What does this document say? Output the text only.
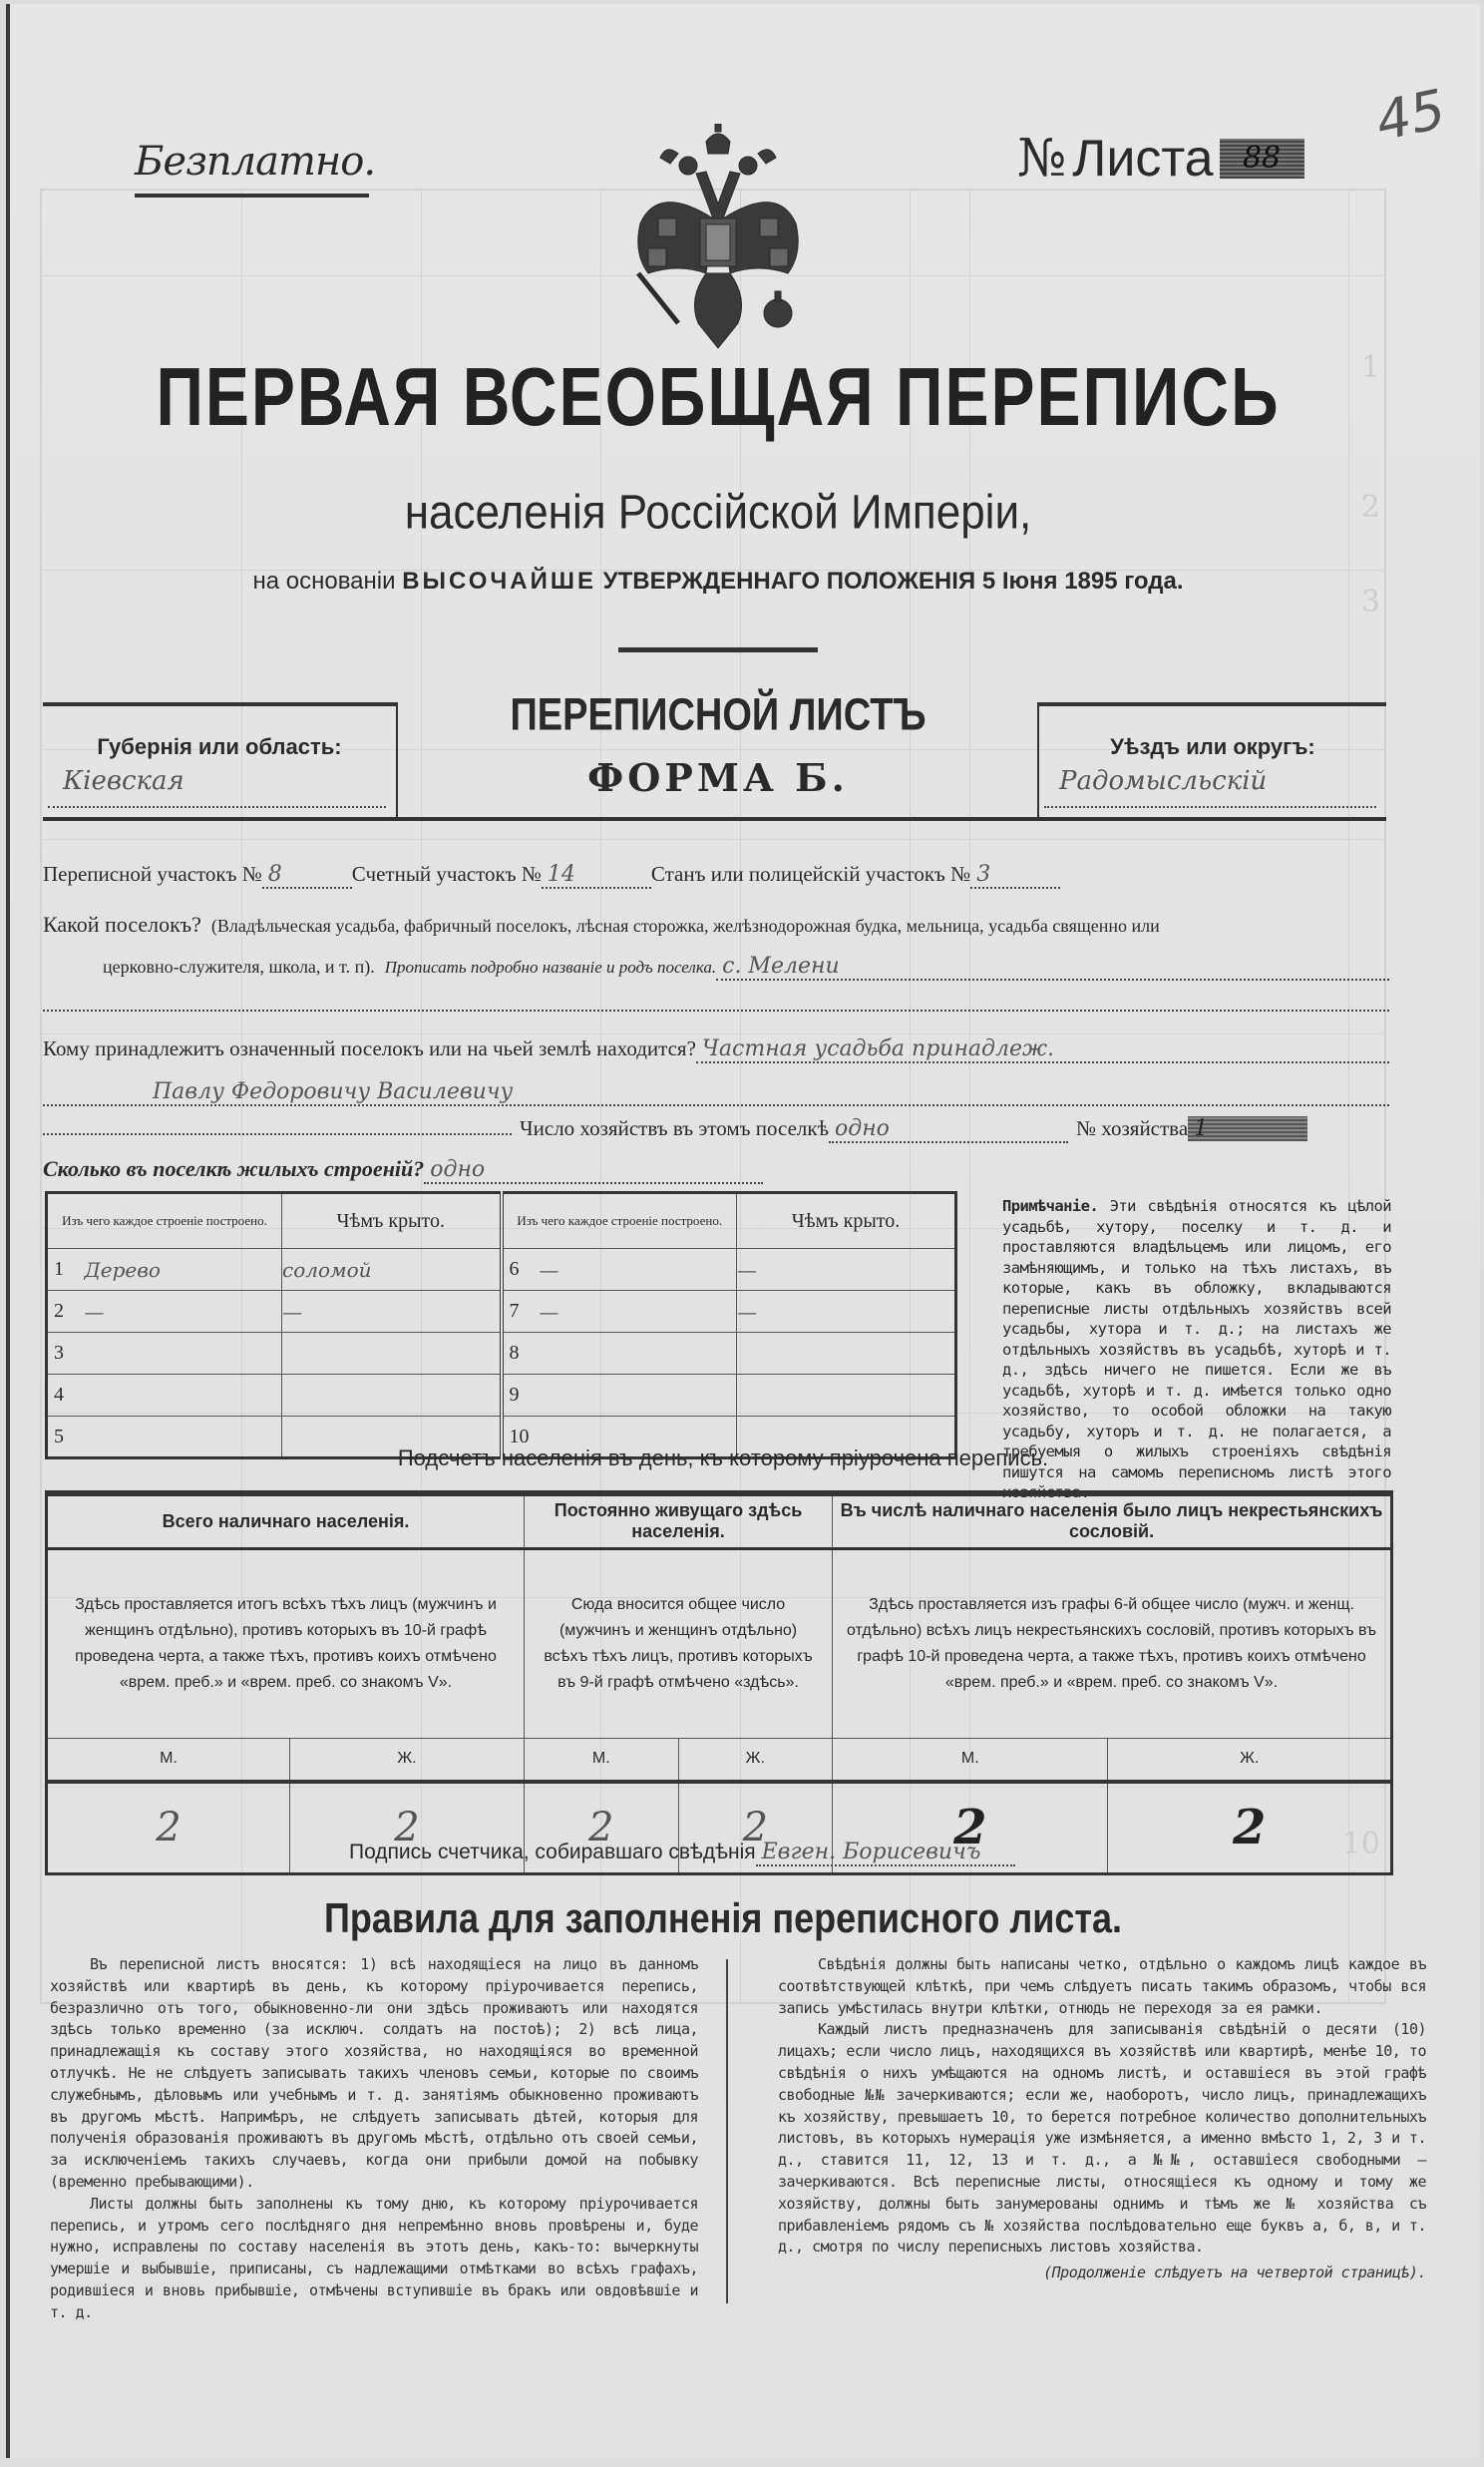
1
2
3
10
Безплатно.	№ Листа 88
45
ПЕРВАЯ ВСЕОБЩАЯ ПЕРЕПИСЬ
населенія Россійской Имперіи,
на основаніи ВЫСОЧАЙШЕ УТВЕРЖДЕННАГО ПОЛОЖЕНІЯ 5 Іюня 1895 года.
Губернія или область:
Кіевская
ПЕРЕПИСНОЙ ЛИСТЪ
ФОРМА Б.
Уѣздъ или округъ:
Радомысльскій
Переписной участокъ № 8	Счетный участокъ № 14	Станъ или полицейскій участокъ № 3
Какой поселокъ? (Владѣльческая усадьба, фабричный поселокъ, лѣсная сторожка, желѣзнодорожная будка, мельница, усадьба священно или
церковно-служителя, школа, и т. п). Прописать подробно названіе и родъ поселка. с. Мелени
Кому принадлежитъ означенный поселокъ или на чьей землѣ находится? Частная усадьба принадлеж.
Павлу Федоровичу Василевичу
Число хозяйствъ въ этомъ поселкѣ одно	№ хозяйства 1
Сколько въ поселкѣ жилыхъ строеній? одно
Изъ чего каждое строеніе построено.		Чѣмъ крыто.	Изъ чего каждое строеніе построено.		Чѣмъ крыто.
1	Дерево	соломой	6	—	—
2	—	—	7	—	—
3			8		
4			9		
5			10		
Примѣчаніе. Эти свѣдѣнія относятся къ цѣлой усадьбѣ, хутору, поселку и т. д. и проставляются владѣльцемъ или лицомъ, его замѣняющимъ, и только на тѣхъ листахъ, въ которые, какъ въ обложку, вкладываются переписные листы отдѣльныхъ хозяйствъ всей усадьбы, хутора и т. д.; на листахъ же отдѣльныхъ хозяйствъ въ усадьбѣ, хуторѣ и т. д., здѣсь ничего не пишется. Если же въ усадьбѣ, хуторѣ и т. д. имѣется только одно хозяйство, то особой обложки на такую усадьбу, хуторъ и т. д. не полагается, а требуемыя о жилыхъ строеніяхъ свѣдѣнія пишутся на самомъ переписномъ листѣ этого хозяйства.
Подсчетъ населенія въ день, къ которому пріурочена перепись.
Всего наличнаго населенія.		Постоянно живущаго здѣсь населенія.		Въ числѣ наличнаго населенія было лицъ некрестьянскихъ сословій.	
Здѣсь проставляется итогъ всѣхъ тѣхъ лицъ (мужчинъ и женщинъ отдѣльно), противъ которыхъ въ 10-й графѣ проведена черта, а также тѣхъ, противъ коихъ отмѣчено «врем. преб.» и «врем. преб. со знакомъ V».		Сюда вносится общее число (мужчинъ и женщинъ отдѣльно) всѣхъ тѣхъ лицъ, противъ которыхъ въ 9-й графѣ отмѣчено «здѣсь».		Здѣсь проставляется изъ графы 6-й общее число (мужч. и женщ. отдѣльно) всѣхъ лицъ некрестьянскихъ сословій, противъ которыхъ въ графѣ 10-й проведена черта, а также тѣхъ, противъ коихъ отмѣчено «врем. преб.» и «врем. преб. со знакомъ V».	
М.	Ж.	М.	Ж.	М.	Ж.
2	2	2	2	2	2
Подпись счетчика, собиравшаго свѣдѣнія Евген. Борисевичъ
Правила для заполненія переписного листа.

Въ переписной листъ вносятся: 1) всѣ находящіеся на лицо въ данномъ хозяйствѣ или квартирѣ въ день, къ которому пріурочивается перепись, безразлично отъ того, обыкновенно-ли они здѣсь проживаютъ или находятся здѣсь только временно (за исключ. солдатъ на постоѣ); 2) всѣ лица, принадлежащія къ составу этого хозяйства, но находящіяся во временной отлучкѣ. Не не слѣдуетъ записывать такихъ членовъ семьи, которые по своимъ служебнымъ, дѣловымъ или учебнымъ и т. д. занятіямъ обыкновенно проживаютъ въ другомъ мѣстѣ. Напримѣръ, не слѣдуетъ записывать дѣтей, которыя для полученія образованія проживаютъ въ другомъ мѣстѣ, отдѣльно отъ своей семьи, за исключеніемъ такихъ случаевъ, когда они прибыли домой на побывку (временно пребывающими).

Листы должны быть заполнены къ тому дню, къ которому пріурочивается перепись, и утромъ сего послѣдняго дня непремѣнно вновь провѣрены и, буде нужно, исправлены по составу населенія въ этотъ день, какъ-то: вычеркнуты умершіе и выбывшіе, приписаны, съ надлежащими отмѣтками во всѣхъ графахъ, родившіеся и вновь прибывшіе, отмѣчены вступившіе въ бракъ или овдовѣвшіе и т. д.

Свѣдѣнія должны быть написаны четко, отдѣльно о каждомъ лицѣ каждое въ соотвѣтствующей клѣткѣ, при чемъ слѣдуетъ писать такимъ образомъ, чтобы вся запись умѣстилась внутри клѣтки, отнюдь не переходя за ея рамки.

Каждый листъ предназначенъ для записыванія свѣдѣній о десяти (10) лицахъ; если число лицъ, находящихся въ хозяйствѣ или квартирѣ, менѣе 10, то свѣдѣнія о нихъ умѣщаются на одномъ листѣ, и оставшіеся въ этой графѣ свободные №№ зачеркиваются; если же, наоборотъ, число лицъ, принадлежащихъ къ хозяйству, превышаетъ 10, то берется потребное количество дополнительныхъ листовъ, въ которыхъ нумерація уже измѣняется, а именно вмѣсто 1, 2, 3 и т. д., ставится 11, 12, 13 и т. д., а №№, оставшіеся свободными — зачеркиваются. Всѣ переписные листы, относящіеся къ одному и тому же хозяйству, должны быть занумерованы однимъ и тѣмъ же № хозяйства съ прибавленіемъ рядомъ съ № хозяйства послѣдовательно еще буквъ а, б, в, и т. д., смотря по числу переписныхъ листовъ хозяйства.

(Продолженіе слѣдуетъ на четвертой страницѣ).
